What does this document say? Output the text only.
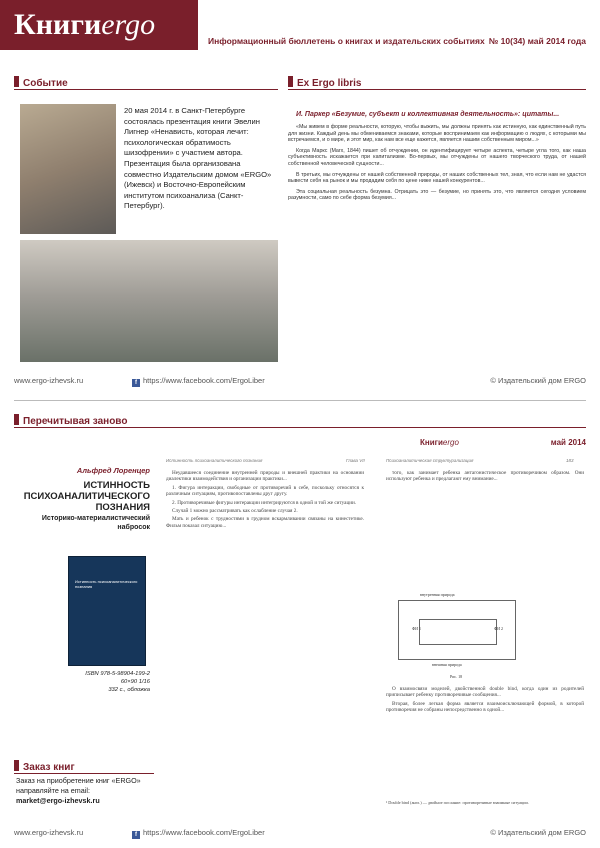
Книгиergo	Информационный бюллетень о книгах и издательских событиях № 10(34) май 2014 года
Событие	Ex Ergo libris
20 мая 2014 г. в Санкт-Петербурге состоялась презентация книги Эвелин Лигнер «Ненависть, которая лечит: психологическая обратимость шизофрении» с участием автора. Презентация была организована совместно Издательским домом «ERGO» (Ижевск) и Восточно-Европейским институтом психоанализа (Санкт-Петербург).
И. Паркер «Безумие, субъект и коллективная деятельность»: цитаты...

«Мы живем в форме реальности, которую, чтобы выжить, мы должны принять как истинную, как единственный путь для жизни. Каждый день мы обмениваемся знаками, которые воспринимаем как информацию о людях, с которыми мы встречаемся, и о мире, и этот мир, как нам все еще кажется, является нашим собственным миром...»

Когда Маркс (Marx, 1844) пишет об отчуждении, он идентифицирует четыре аспекта, четыре угла того, как наша субъективность искажается при капитализме. Во-первых, мы отчуждены от нашего творческого труда, от нашей собственной человеческой сущности...

В третьих, мы отчуждены от нашей собственной природы, от наших собственных тел, зная, что если нам не удастся вывести себя на рынок и мы продадим себя по цене ниже нашей конкурентов...

Эта социальная реальность безумна. Отрицать это — безумие, но принять это, что является сегодня условием разумности, само по себе форма безумия...

www.ergo-izhevsk.ru	f https://www.facebook.com/ErgoLiber	© Издательский дом ERGO
Перечитывая заново
Книгиergo	май 2014
Альфред Лоренцер
ИСТИННОСТЬ ПСИХОАНАЛИТИЧЕСКОГО ПОЗНАНИЯ
Историко-материалистический набросок
Истинность психоаналитического познания
ISBN 978-5-98904-199-2
60×90 1/16
332 с., обложка
Истинность психоаналитического познания	Глава VII

Неудавшееся соединение внутренней природы и внешней практики на основании диалектики взаимодействия и организации практики...

1. Фигура интеракции, свободные от противоречий в себе, поскольку относятся к различным ситуациям, противопоставлены друг другу.

2. Противоречивые фигуры интеракции интегрируются в одной и той же ситуации.

Случай 1 можно рассматривать как ослабление случая 2.

Мать и ребенок с трудностями в грудном вскармливании связаны на кинестетике. Фильм показал ситуацию...

Психоаналитическая структурализация	183

того, как занимает ребенка антагонистическое противоречивом образом. Они используют ребенка и предлагают ему внимание...

внутренняя природа
внешняя природа
ФИ 1	ФИ 2
Рис. 18

О взаимосвязи моделей, двойственной double bind, когда один из родителей приписывает ребенку противоречивые сообщения...

Вторая, более легкая форма является взаимоисключающей формой, в которой противоречия не собраны непосредственно в одной...

¹ Double bind (англ.) — двойное послание: противоречивые взаимные ситуации.
Заказ книг
Заказ на приобретение книг «ERGO» направляйте на email:
market@ergo-izhevsk.ru
www.ergo-izhevsk.ru	f https://www.facebook.com/ErgoLiber	© Издательский дом ERGO
